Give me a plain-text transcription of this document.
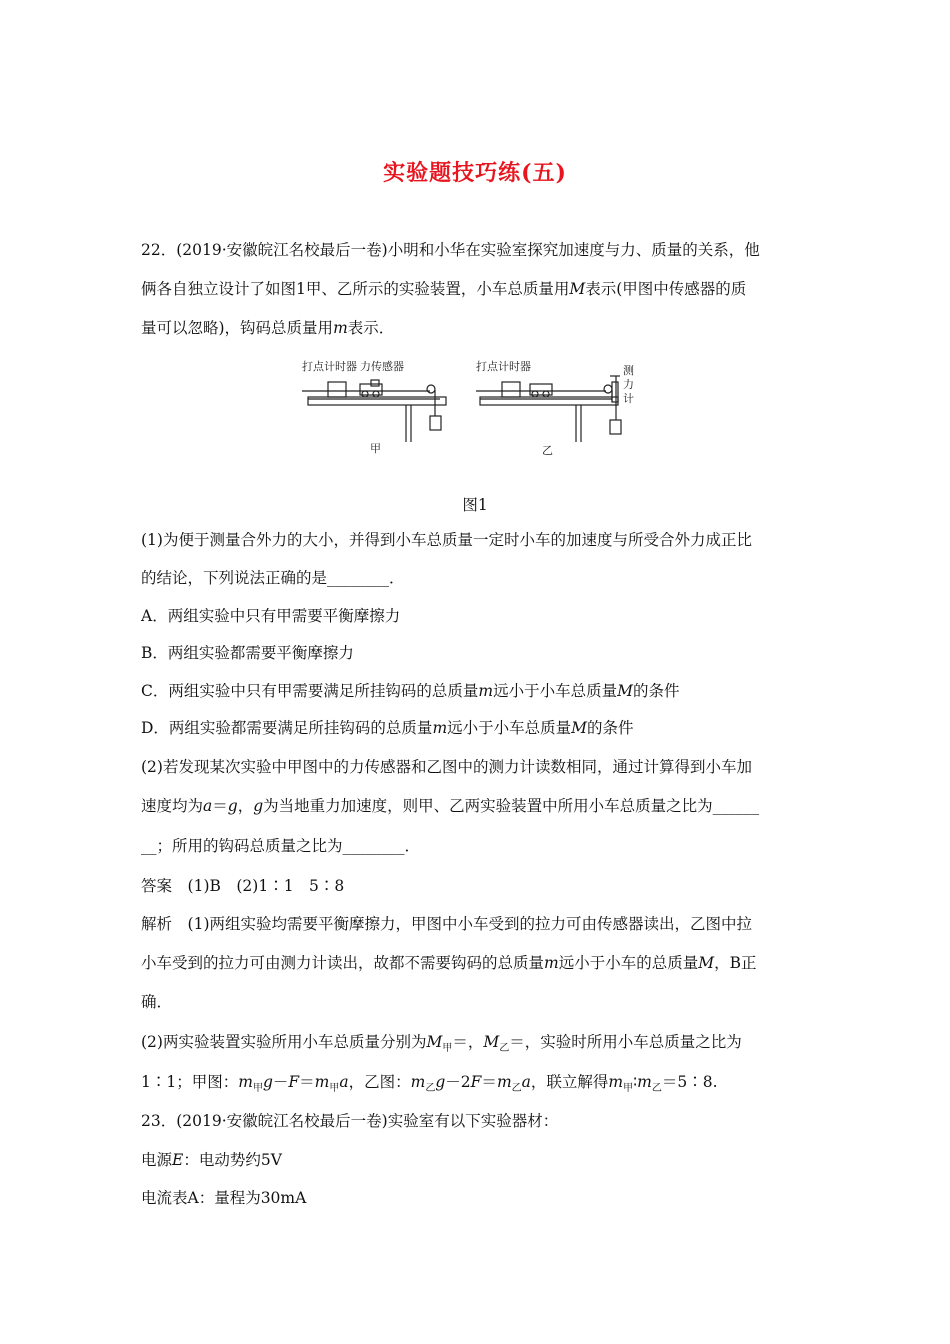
实验题技巧练(五)
22．(2019·安徽皖江名校最后一卷)小明和小华在实验室探究加速度与力、质量的关系，他
俩各自独立设计了如图1甲、乙所示的实验装置，小车总质量用M表示(甲图中传感器的质
量可以忽略)，钩码总质量用m表示．
打点计时器 力传感器
甲
打点计时器
乙
测
力
计
图1
(1)为便于测量合外力的大小，并得到小车总质量一定时小车的加速度与所受合外力成正比
的结论，下列说法正确的是________．
A．两组实验中只有甲需要平衡摩擦力
B．两组实验都需要平衡摩擦力
C．两组实验中只有甲需要满足所挂钩码的总质量m远小于小车总质量M的条件
D．两组实验都需要满足所挂钩码的总质量m远小于小车总质量M的条件
(2)若发现某次实验中甲图中的力传感器和乙图中的测力计读数相同，通过计算得到小车加
速度均为a＝g，g为当地重力加速度，则甲、乙两实验装置中所用小车总质量之比为______
__；所用的钩码总质量之比为________．
答案　 (1)B　(2)1∶1　5∶8
解析　 (1)两组实验均需要平衡摩擦力，甲图中小车受到的拉力可由传感器读出，乙图中拉
小车受到的拉力可由测力计读出，故都不需要钩码的总质量m远小于小车的总质量M，B正
确．
(2)两实验装置实验所用小车总质量分别为$M_甲=$，$M_乙=$，实验时所用小车总质量之比为
1∶1；甲图：$m_甲g-F=m_甲a$，乙图：$m_乙g-2F=m_乙a$，联立解得$m_甲∶m_乙=5∶8$.
23．(2019·安徽皖江名校最后一卷)实验室有以下实验器材：
电源E：电动势约5V
电流表A：量程为30mA
